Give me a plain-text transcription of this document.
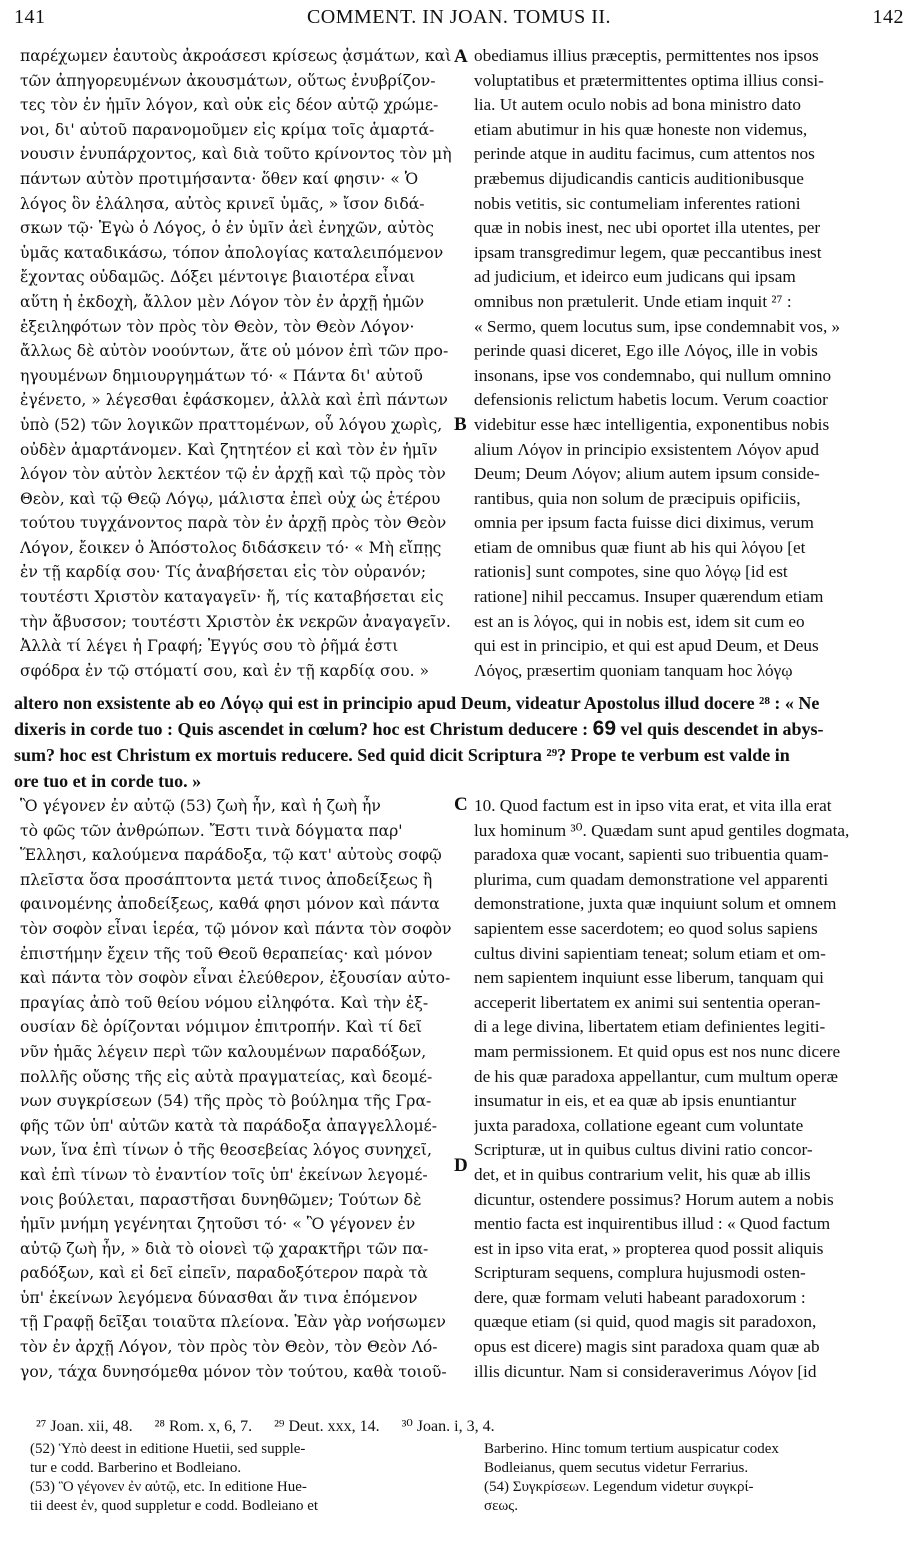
141	COMMENT. IN JOAN. TOMUS II.	142
παρέχωμεν ἑαυτοὺς ἀκροάσεσι κρίσεως ᾀσμάτων, καὶ
τῶν ἀπηγορευμένων ἀκουσμάτων, οὕτως ἐνυβρίζον-
τες τὸν ἐν ἡμῖν λόγον, καὶ οὐκ εἰς δέον αὐτῷ χρώμε-
νοι, δι' αὐτοῦ παρανομοῦμεν εἰς κρίμα τοῖς ἁμαρτά-
νουσιν ἐνυπάρχοντος, καὶ διὰ τοῦτο κρίνοντος τὸν μὴ
πάντων αὐτὸν προτιμήσαντα· ὅθεν καί φησιν· « Ὁ
λόγος ὃν ἐλάλησα, αὐτὸς κρινεῖ ὑμᾶς, » ἴσον διδά-
σκων τῷ· Ἐγὼ ὁ Λόγος, ὁ ἐν ὑμῖν ἀεὶ ἐνηχῶν, αὐτὸς
ὑμᾶς καταδικάσω, τόπον ἀπολογίας καταλειπόμενον
ἔχοντας οὐδαμῶς. Δόξει μέντοιγε βιαιοτέρα εἶναι
αὕτη ἡ ἐκδοχὴ, ἄλλον μὲν Λόγον τὸν ἐν ἀρχῇ ἡμῶν
ἐξειληφότων τὸν πρὸς τὸν Θεὸν, τὸν Θεὸν Λόγον·
ἄλλως δὲ αὐτὸν νοούντων, ἅτε οὐ μόνον ἐπὶ τῶν προ-
ηγουμένων δημιουργημάτων τό· « Πάντα δι' αὐτοῦ
ἐγένετο, » λέγεσθαι ἐφάσκομεν, ἀλλὰ καὶ ἐπὶ πάντων
ὑπὸ (52) τῶν λογικῶν πραττομένων, οὗ λόγου χωρὶς,
οὐδὲν ἁμαρτάνομεν. Καὶ ζητητέον εἰ καὶ τὸν ἐν ἡμῖν
λόγον τὸν αὐτὸν λεκτέον τῷ ἐν ἀρχῇ καὶ τῷ πρὸς τὸν
Θεὸν, καὶ τῷ Θεῷ Λόγῳ, μάλιστα ἐπεὶ οὐχ ὡς ἑτέρου
τούτου τυγχάνοντος παρὰ τὸν ἐν ἀρχῇ πρὸς τὸν Θεὸν
Λόγον, ἔοικεν ὁ Ἀπόστολος διδάσκειν τό· « Μὴ εἴπῃς
ἐν τῇ καρδίᾳ σου· Τίς ἀναβήσεται εἰς τὸν οὐρανόν;
τουτέστι Χριστὸν καταγαγεῖν· ἤ, τίς καταβήσεται εἰς
τὴν ἄβυσσον; τουτέστι Χριστὸν ἐκ νεκρῶν ἀναγαγεῖν.
Ἀλλὰ τί λέγει ἡ Γραφή; Ἐγγύς σου τὸ ῥῆμά ἐστι
σφόδρα ἐν τῷ στόματί σου, καὶ ἐν τῇ καρδίᾳ σου. »
obediamus illius præceptis, permittentes nos ipsos
voluptatibus et prætermittentes optima illius consi-
lia. Ut autem oculo nobis ad bona ministro dato
etiam abutimur in his quæ honeste non videmus,
perinde atque in auditu facimus, cum attentos nos
præbemus dijudicandis canticis auditionibusque
nobis vetitis, sic contumeliam inferentes rationi
quæ in nobis inest, nec ubi oportet illa utentes, per
ipsam transgredimur legem, quæ peccantibus inest
ad judicium, et ideirco eum judicans qui ipsam
omnibus non prætulerit. Unde etiam inquit ²⁷ :
« Sermo, quem locutus sum, ipse condemnabit vos, »
perinde quasi diceret, Ego ille Λόγος, ille in vobis
insonans, ipse vos condemnabo, qui nullum omnino
defensionis relictum habetis locum. Verum coactior
videbitur esse hæc intelligentia, exponentibus nobis
alium Λόγον in principio exsistentem Λόγον apud
Deum; Deum Λόγον; alium autem ipsum conside-
rantibus, quia non solum de præcipuis opificiis,
omnia per ipsum facta fuisse dici diximus, verum
etiam de omnibus quæ fiunt ab his qui λόγου [et
rationis] sunt compotes, sine quo λόγῳ [id est
ratione] nihil peccamus. Insuper quærendum etiam
est an is λόγος, qui in nobis est, idem sit cum eo
qui est in principio, et qui est apud Deum, et Deus
Λόγος, præsertim quoniam tanquam hoc λόγῳ
A
B
C
D
altero non exsistente ab eo Λόγῳ qui est in principio apud Deum, videatur Apostolus illud docere ²⁸ : « Ne
dixeris in corde tuo : Quis ascendet in cœlum? hoc est Christum deducere : 69 vel quis descendet in abys-
sum? hoc est Christum ex mortuis reducere. Sed quid dicit Scriptura ²⁹? Prope te verbum est valde in
ore tuo et in corde tuo. »
Ὃ γέγονεν ἐν αὐτῷ (53) ζωὴ ἦν, καὶ ἡ ζωὴ ἦν
τὸ φῶς τῶν ἀνθρώπων. Ἔστι τινὰ δόγματα παρ'
Ἕλλησι, καλούμενα παράδοξα, τῷ κατ' αὐτοὺς σοφῷ
πλεῖστα ὅσα προσάπτοντα μετά τινος ἀποδείξεως ἢ
φαινομένης ἀποδείξεως, καθά φησι μόνον καὶ πάντα
τὸν σοφὸν εἶναι ἱερέα, τῷ μόνον καὶ πάντα τὸν σοφὸν
ἐπιστήμην ἔχειν τῆς τοῦ Θεοῦ θεραπείας· καὶ μόνον
καὶ πάντα τὸν σοφὸν εἶναι ἐλεύθερον, ἐξουσίαν αὐτο-
πραγίας ἀπὸ τοῦ θείου νόμου εἰληφότα. Καὶ τὴν ἐξ-
ουσίαν δὲ ὁρίζονται νόμιμον ἐπιτροπήν. Καὶ τί δεῖ
νῦν ἡμᾶς λέγειν περὶ τῶν καλουμένων παραδόξων,
πολλῆς οὔσης τῆς εἰς αὐτὰ πραγματείας, καὶ δεομέ-
νων συγκρίσεων (54) τῆς πρὸς τὸ βούλημα τῆς Γρα-
φῆς τῶν ὑπ' αὐτῶν κατὰ τὰ παράδοξα ἀπαγγελλομέ-
νων, ἵνα ἐπὶ τίνων ὁ τῆς θεοσεβείας λόγος συνηχεῖ,
καὶ ἐπὶ τίνων τὸ ἐναντίον τοῖς ὑπ' ἐκείνων λεγομέ-
νοις βούλεται, παραστῆσαι δυνηθῶμεν; Τούτων δὲ
ἡμῖν μνήμη γεγένηται ζητοῦσι τό· « Ὃ γέγονεν ἐν
αὐτῷ ζωὴ ἦν, » διὰ τὸ οἱονεὶ τῷ χαρακτῆρι τῶν πα-
ραδόξων, καὶ εἰ δεῖ εἰπεῖν, παραδοξότερον παρὰ τὰ
ὑπ' ἐκείνων λεγόμενα δύνασθαι ἄν τινα ἑπόμενον
τῇ Γραφῇ δεῖξαι τοιαῦτα πλείονα. Ἐὰν γὰρ νοήσωμεν
τὸν ἐν ἀρχῇ Λόγον, τὸν πρὸς τὸν Θεὸν, τὸν Θεὸν Λό-
γον, τάχα δυνησόμεθα μόνον τὸν τούτου, καθὰ τοιοῦ-
10. Quod factum est in ipso vita erat, et vita illa erat
lux hominum ³⁰. Quædam sunt apud gentiles dogmata,
paradoxa quæ vocant, sapienti suo tribuentia quam-
plurima, cum quadam demonstratione vel apparenti
demonstratione, juxta quæ inquiunt solum et omnem
sapientem esse sacerdotem; eo quod solus sapiens
cultus divini sapientiam teneat; solum etiam et om-
nem sapientem inquiunt esse liberum, tanquam qui
acceperit libertatem ex animi sui sententia operan-
di a lege divina, libertatem etiam definientes legiti-
mam permissionem. Et quid opus est nos nunc dicere
de his quæ paradoxa appellantur, cum multum operæ
insumatur in eis, et ea quæ ab ipsis enuntiantur
juxta paradoxa, collatione egeant cum voluntate
Scripturæ, ut in quibus cultus divini ratio concor-
det, et in quibus contrarium velit, his quæ ab illis
dicuntur, ostendere possimus? Horum autem a nobis
mentio facta est inquirentibus illud : « Quod factum
est in ipso vita erat, » propterea quod possit aliquis
Scripturam sequens, complura hujusmodi osten-
dere, quæ formam veluti habeant paradoxorum :
quæque etiam (si quid, quod magis sit paradoxon,
opus est dicere) magis sint paradoxa quam quæ ab
illis dicuntur. Nam si consideraverimus Λόγον [id
²⁷ Joan. xii, 48. ²⁸ Rom. x, 6, 7. ²⁹ Deut. xxx, 14. ³⁰ Joan. i, 3, 4.
(52) Ὑπὸ deest in editione Huetii, sed supple-
tur e codd. Barberino et Bodleiano.
(53) Ὃ γέγονεν ἐν αὐτῷ, etc. In editione Hue-
tii deest ἐν, quod suppletur e codd. Bodleiano et
Barberino. Hinc tomum tertium auspicatur codex
Bodleianus, quem secutus videtur Ferrarius.
(54) Συγκρίσεων. Legendum videtur συγκρί-
σεως.
